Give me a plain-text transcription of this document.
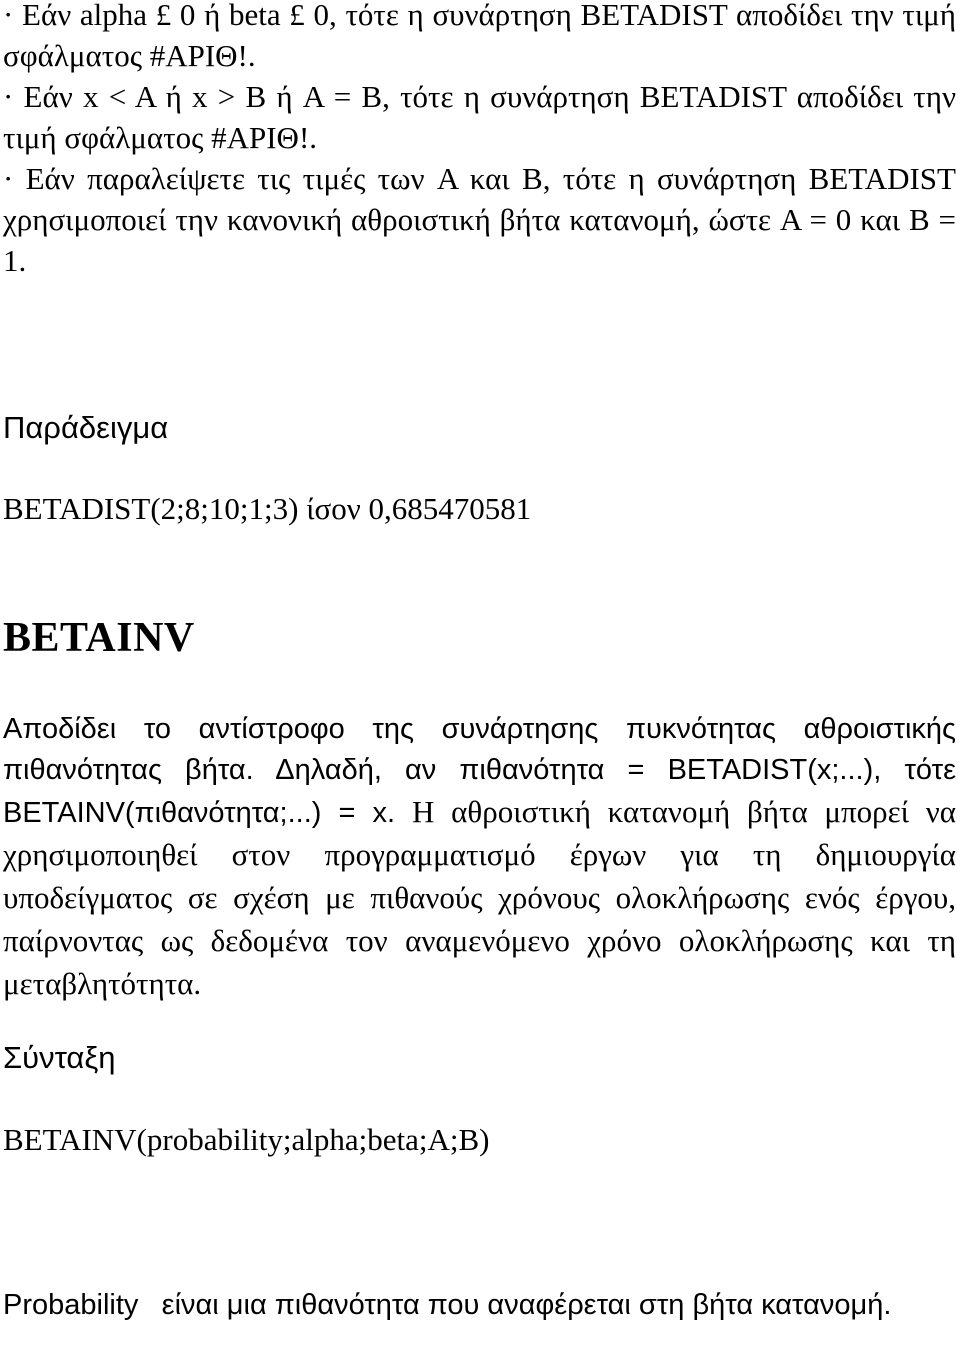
· Εάν alpha £ 0 ή beta £ 0, τότε η συνάρτηση BETADIST αποδίδει την τιμή σφάλματος #ΑΡΙΘ!.

· Εάν x < A ή x > B ή A = B, τότε η συνάρτηση BETADIST αποδίδει την τιμή σφάλματος #ΑΡΙΘ!.

· Εάν παραλείψετε τις τιμές των A και B, τότε η συνάρτηση BETADIST χρησιμοποιεί την κανονική αθροιστική βήτα κατανομή, ώστε A = 0 και B = 1.

Παράδειγμα

BETADIST(2;8;10;1;3) ίσον 0,685470581

BETAINV
Αποδίδει το αντίστροφο της συνάρτησης πυκνότητας αθροιστικής πιθανότητας βήτα. Δηλαδή, αν πιθανότητα = BETADIST(x;...), τότε BETAINV(πιθανότητα;...) = x. Η αθροιστική κατανομή βήτα μπορεί να χρησιμοποιηθεί στον προγραμματισμό έργων για τη δημιουργία υποδείγματος σε σχέση με πιθανούς χρόνους ολοκλήρωσης ενός έργου, παίρνοντας ως δεδομένα τον αναμενόμενο χρόνο ολοκλήρωσης και τη μεταβλητότητα.
Σύνταξη

BETAINV(probability;alpha;beta;A;B)

Probability είναι μια πιθανότητα που αναφέρεται στη βήτα κατανομή.
